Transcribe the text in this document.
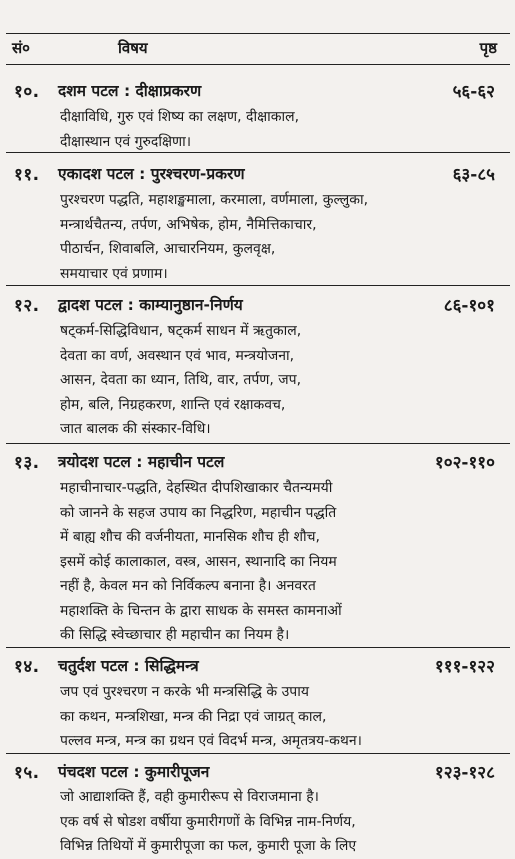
सं०	विषय	पृष्ठ
१०. दशम पटल : दीक्षाप्रकरण	५६-६२
दीक्षाविधि, गुरु एवं शिष्य का लक्षण, दीक्षाकाल,
दीक्षास्थान एवं गुरुदक्षिणा।
११. एकादश पटल : पुरश्चरण-प्रकरण	६३-८५
पुरश्चरण पद्धति, महाशङ्खमाला, करमाला, वर्णमाला, कुल्लुका,
मन्त्रार्थचैतन्य, तर्पण, अभिषेक, होम, नैमित्तिकाचार,
पीठार्चन, शिवाबलि, आचारनियम, कुलवृक्ष,
समयाचार एवं प्रणाम।
१२. द्वादश पटल : काम्यानुष्ठान-निर्णय	८६-१०१
षट्कर्म-सिद्धिविधान, षट्कर्म साधन में ऋतुकाल,
देवता का वर्ण, अवस्थान एवं भाव, मन्त्रयोजना,
आसन, देवता का ध्यान, तिथि, वार, तर्पण, जप,
होम, बलि, निग्रहकरण, शान्ति एवं रक्षाकवच,
जात बालक की संस्कार-विधि।
१३. त्रयोदश पटल : महाचीन पटल	१०२-११०
महाचीनाचार-पद्धति, देहस्थित दीपशिखाकार चैतन्यमयी
को जानने के सहज उपाय का निद्धरिण, महाचीन पद्धति
में बाह्य शौच की वर्जनीयता, मानसिक शौच ही शौच,
इसमें कोई कालाकाल, वस्त्र, आसन, स्थानादि का नियम
नहीं है, केवल मन को निर्विकल्प बनाना है। अनवरत
महाशक्ति के चिन्तन के द्वारा साधक के समस्त कामनाओं
की सिद्धि स्वेच्छाचार ही महाचीन का नियम है।
१४. चतुर्दश पटल : सिद्धिमन्त्र	१११-१२२
जप एवं पुरश्चरण न करके भी मन्त्रसिद्धि के उपाय
का कथन, मन्त्रशिखा, मन्त्र की निद्रा एवं जाग्रत् काल,
पल्लव मन्त्र, मन्त्र का ग्रथन एवं विदर्भ मन्त्र, अमृतत्रय-कथन।
१५. पंचदश पटल : कुमारीपूजन	१२३-१२८
जो आद्याशक्ति हैं, वही कुमारीरूप से विराजमाना है।
एक वर्ष से षोडश वर्षीया कुमारीगणों के विभिन्न नाम-निर्णय,
विभिन्न तिथियों में कुमारीपूजा का फल, कुमारी पूजा के लिए
